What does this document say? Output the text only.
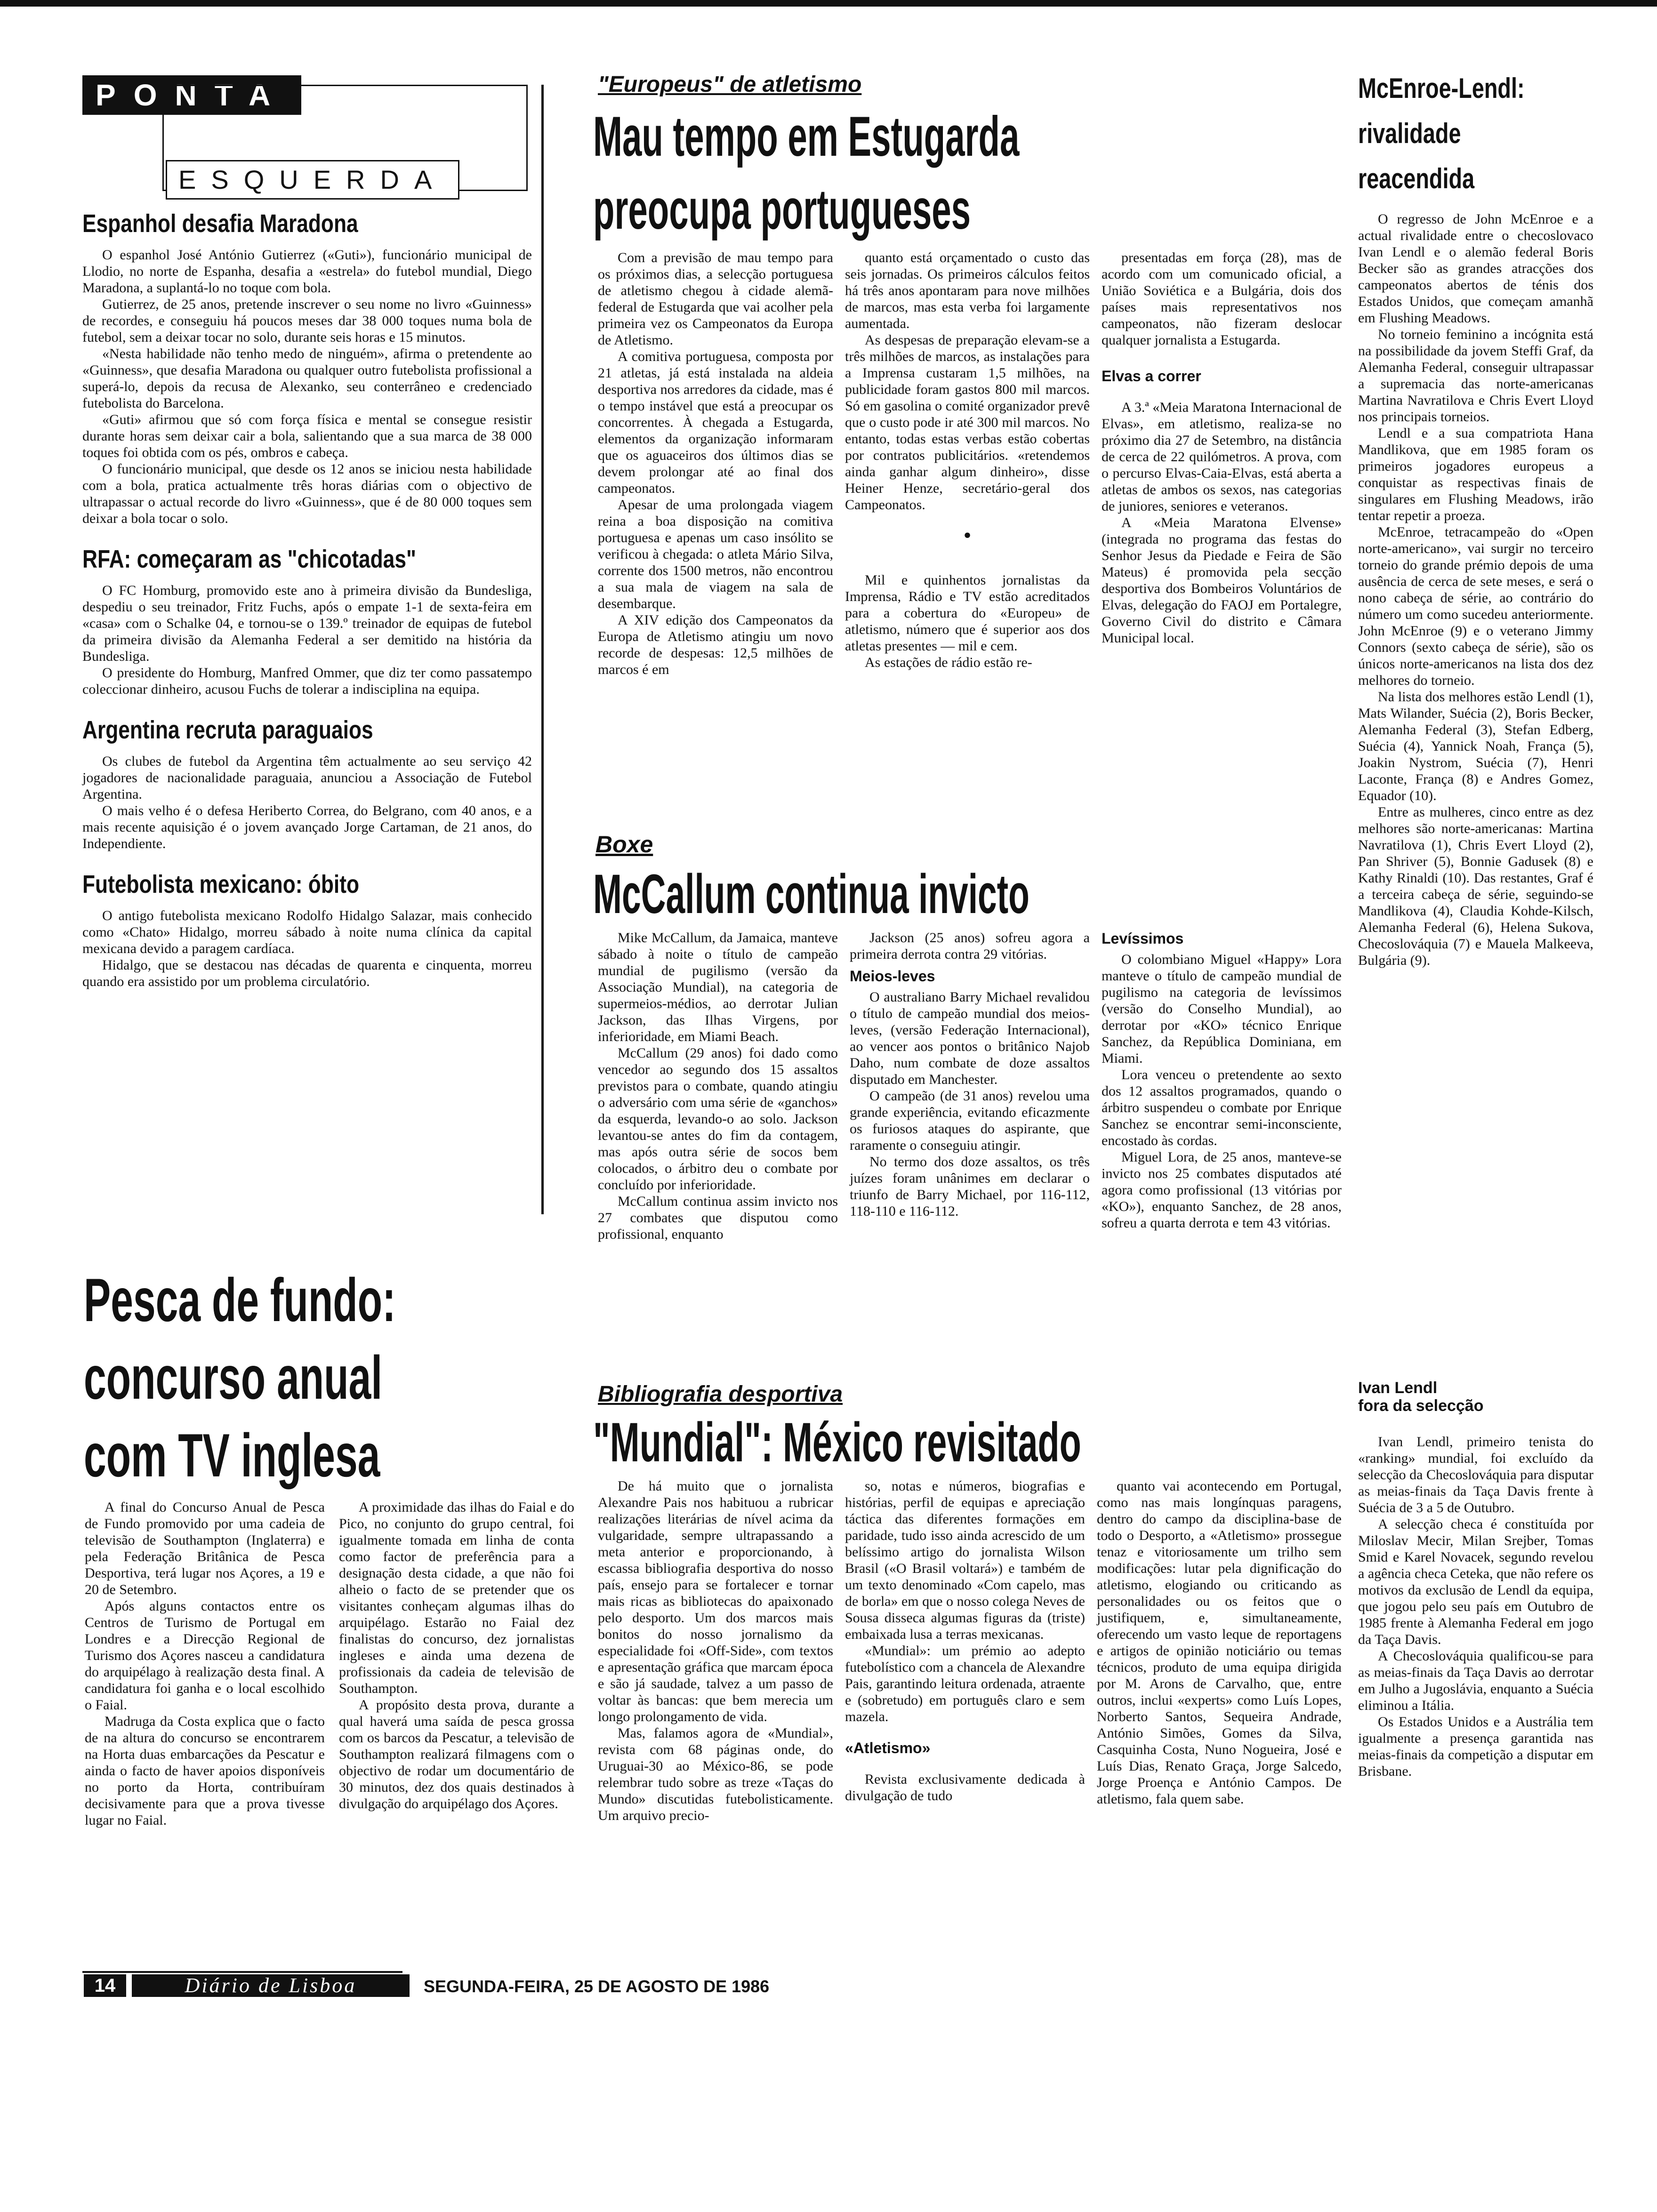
PONTA
ESQUERDA
Espanhol desafia Maradona

O espanhol José António Gutierrez («Guti»), funcionário municipal de Llodio, no norte de Espanha, desafia a «estrela» do futebol mundial, Diego Maradona, a suplantá-lo no toque com bola.

Gutierrez, de 25 anos, pretende inscrever o seu nome no livro «Guinness» de recordes, e conseguiu há poucos meses dar 38 000 toques numa bola de futebol, sem a deixar tocar no solo, durante seis horas e 15 minutos.

«Nesta habilidade não tenho medo de ninguém», afirma o pretendente ao «Guinness», que desafia Maradona ou qualquer outro futebolista profissional a superá-lo, depois da recusa de Alexanko, seu conterrâneo e credenciado futebolista do Barcelona.

«Guti» afirmou que só com força física e mental se consegue resistir durante horas sem deixar cair a bola, salientando que a sua marca de 38 000 toques foi obtida com os pés, ombros e cabeça.

O funcionário municipal, que desde os 12 anos se iniciou nesta habilidade com a bola, pratica actualmente três horas diárias com o objectivo de ultrapassar o actual recorde do livro «Guinness», que é de 80 000 toques sem deixar a bola tocar o solo.

RFA: começaram as "chicotadas"

O FC Homburg, promovido este ano à primeira divisão da Bundesliga, despediu o seu treinador, Fritz Fuchs, após o empate 1-1 de sexta-feira em «casa» com o Schalke 04, e tornou-se o 139.º treinador de equipas de futebol da primeira divisão da Alemanha Federal a ser demitido na história da Bundesliga.

O presidente do Homburg, Manfred Ommer, que diz ter como passatempo coleccionar dinheiro, acusou Fuchs de tolerar a indisciplina na equipa.

Argentina recruta paraguaios

Os clubes de futebol da Argentina têm actualmente ao seu serviço 42 jogadores de nacionalidade paraguaia, anunciou a Associação de Futebol Argentina.

O mais velho é o defesa Heriberto Correa, do Belgrano, com 40 anos, e a mais recente aquisição é o jovem avançado Jorge Cartaman, de 21 anos, do Independiente.

Futebolista mexicano: óbito

O antigo futebolista mexicano Rodolfo Hidalgo Salazar, mais conhecido como «Chato» Hidalgo, morreu sábado à noite numa clínica da capital mexicana devido a paragem cardíaca.

Hidalgo, que se destacou nas décadas de quarenta e cinquenta, morreu quando era assistido por um problema circulatório.

"Europeus" de atletismo
Mau tempo em Estugarda
preocupa portugueses

Com a previsão de mau tempo para os próximos dias, a selecção portuguesa de atletismo chegou à cidade alemã-federal de Estugarda que vai acolher pela primeira vez os Campeonatos da Europa de Atletismo.

A comitiva portuguesa, composta por 21 atletas, já está instalada na aldeia desportiva nos arredores da cidade, mas é o tempo instável que está a preocupar os concorrentes. À chegada a Estugarda, elementos da organização informaram que os aguaceiros dos últimos dias se devem prolongar até ao final dos campeonatos.

Apesar de uma prolongada viagem reina a boa disposição na comitiva portuguesa e apenas um caso insólito se verificou à chegada: o atleta Mário Silva, corrente dos 1500 metros, não encontrou a sua mala de viagem na sala de desembarque.

A XIV edição dos Campeonatos da Europa de Atletismo atingiu um novo recorde de despesas: 12,5 milhões de marcos é em

quanto está orçamentado o custo das seis jornadas. Os primeiros cálculos feitos há três anos apontaram para nove milhões de marcos, mas esta verba foi largamente aumentada.

As despesas de preparação elevam-se a três milhões de marcos, as instalações para a Imprensa custaram 1,5 milhões, na publicidade foram gastos 800 mil marcos. Só em gasolina o comité organizador prevê que o custo pode ir até 300 mil marcos. No entanto, todas estas verbas estão cobertas por contratos publicitários. «retendemos ainda ganhar algum dinheiro», disse Heiner Henze, secretário-geral dos Campeonatos.

•

Mil e quinhentos jornalistas da Imprensa, Rádio e TV estão acreditados para a cobertura do «Europeu» de atletismo, número que é superior aos dos atletas presentes — mil e cem.

As estações de rádio estão re-

presentadas em força (28), mas de acordo com um comunicado oficial, a União Soviética e a Bulgária, dois dos países mais representativos nos campeonatos, não fizeram deslocar qualquer jornalista a Estugarda.

Elvas a correr

A 3.ª «Meia Maratona Internacional de Elvas», em atletismo, realiza-se no próximo dia 27 de Setembro, na distância de cerca de 22 quilómetros. A prova, com o percurso Elvas-Caia-Elvas, está aberta a atletas de ambos os sexos, nas categorias de juniores, seniores e veteranos.

A «Meia Maratona Elvense» (integrada no programa das festas do Senhor Jesus da Piedade e Feira de São Mateus) é promovida pela secção desportiva dos Bombeiros Voluntários de Elvas, delegação do FAOJ em Portalegre, Governo Civil do distrito e Câmara Municipal local.

Boxe
McCallum continua invicto

Mike McCallum, da Jamaica, manteve sábado à noite o título de campeão mundial de pugilismo (versão da Associação Mundial), na categoria de supermeios-médios, ao derrotar Julian Jackson, das Ilhas Virgens, por inferioridade, em Miami Beach.

McCallum (29 anos) foi dado como vencedor ao segundo dos 15 assaltos previstos para o combate, quando atingiu o adversário com uma série de «ganchos» da esquerda, levando-o ao solo. Jackson levantou-se antes do fim da contagem, mas após outra série de socos bem colocados, o árbitro deu o combate por concluído por inferioridade.

McCallum continua assim invicto nos 27 combates que disputou como profissional, enquanto

Jackson (25 anos) sofreu agora a primeira derrota contra 29 vitórias.

Meios-leves

O australiano Barry Michael revalidou o título de campeão mundial dos meios-leves, (versão Federação Internacional), ao vencer aos pontos o britânico Najob Daho, num combate de doze assaltos disputado em Manchester.

O campeão (de 31 anos) revelou uma grande experiência, evitando eficazmente os furiosos ataques do aspirante, que raramente o conseguiu atingir.

No termo dos doze assaltos, os três juízes foram unânimes em declarar o triunfo de Barry Michael, por 116-112, 118-110 e 116-112.

Levíssimos

O colombiano Miguel «Happy» Lora manteve o título de campeão mundial de pugilismo na categoria de levíssimos (versão do Conselho Mundial), ao derrotar por «KO» técnico Enrique Sanchez, da República Dominiana, em Miami.

Lora venceu o pretendente ao sexto dos 12 assaltos programados, quando o árbitro suspendeu o combate por Enrique Sanchez se encontrar semi-inconsciente, encostado às cordas.

Miguel Lora, de 25 anos, manteve-se invicto nos 25 combates disputados até agora como profissional (13 vitórias por «KO»), enquanto Sanchez, de 28 anos, sofreu a quarta derrota e tem 43 vitórias.

McEnroe-Lendl:
rivalidade
reacendida

O regresso de John McEnroe e a actual rivalidade entre o checoslovaco Ivan Lendl e o alemão federal Boris Becker são as grandes atracções dos campeonatos abertos de ténis dos Estados Unidos, que começam amanhã em Flushing Meadows.

No torneio feminino a incógnita está na possibilidade da jovem Steffi Graf, da Alemanha Federal, conseguir ultrapassar a supremacia das norte-americanas Martina Navratilova e Chris Evert Lloyd nos principais torneios.

Lendl e a sua compatriota Hana Mandlikova, que em 1985 foram os primeiros jogadores europeus a conquistar as respectivas finais de singulares em Flushing Meadows, irão tentar repetir a proeza.

McEnroe, tetracampeão do «Open norte-americano», vai surgir no terceiro torneio do grande prémio depois de uma ausência de cerca de sete meses, e será o nono cabeça de série, ao contrário do número um como sucedeu anteriormente. John McEnroe (9) e o veterano Jimmy Connors (sexto cabeça de série), são os únicos norte-americanos na lista dos dez melhores do torneio.

Na lista dos melhores estão Lendl (1), Mats Wilander, Suécia (2), Boris Becker, Alemanha Federal (3), Stefan Edberg, Suécia (4), Yannick Noah, França (5), Joakin Nystrom, Suécia (7), Henri Laconte, França (8) e Andres Gomez, Equador (10).

Entre as mulheres, cinco entre as dez melhores são norte-americanas: Martina Navratilova (1), Chris Evert Lloyd (2), Pan Shriver (5), Bonnie Gadusek (8) e Kathy Rinaldi (10). Das restantes, Graf é a terceira cabeça de série, seguindo-se Mandlikova (4), Claudia Kohde-Kilsch, Alemanha Federal (6), Helena Sukova, Checoslováquia (7) e Mauela Malkeeva, Bulgária (9).

Ivan Lendl
fora da selecção

Ivan Lendl, primeiro tenista do «ranking» mundial, foi excluído da selecção da Checoslováquia para disputar as meias-finais da Taça Davis frente à Suécia de 3 a 5 de Outubro.

A selecção checa é constituída por Miloslav Mecir, Milan Srejber, Tomas Smid e Karel Novacek, segundo revelou a agência checa Ceteka, que não refere os motivos da exclusão de Lendl da equipa, que jogou pelo seu país em Outubro de 1985 frente à Alemanha Federal em jogo da Taça Davis.

A Checoslováquia qualificou-se para as meias-finais da Taça Davis ao derrotar em Julho a Jugoslávia, enquanto a Suécia eliminou a Itália.

Os Estados Unidos e a Austrália tem igualmente a presença garantida nas meias-finais da competição a disputar em Brisbane.

Pesca de fundo:
concurso anual
com TV inglesa

A final do Concurso Anual de Pesca de Fundo promovido por uma cadeia de televisão de Southampton (Inglaterra) e pela Federação Britânica de Pesca Desportiva, terá lugar nos Açores, a 19 e 20 de Setembro.

Após alguns contactos entre os Centros de Turismo de Portugal em Londres e a Direcção Regional de Turismo dos Açores nasceu a candidatura do arquipélago à realização desta final. A candidatura foi ganha e o local escolhido o Faial.

Madruga da Costa explica que o facto de na altura do concurso se encontrarem na Horta duas embarcações da Pescatur e ainda o facto de haver apoios disponíveis no porto da Horta, contribuíram decisivamente para que a prova tivesse lugar no Faial.

A proximidade das ilhas do Faial e do Pico, no conjunto do grupo central, foi igualmente tomada em linha de conta como factor de preferência para a designação desta cidade, a que não foi alheio o facto de se pretender que os visitantes conheçam algumas ilhas do arquipélago. Estarão no Faial dez finalistas do concurso, dez jornalistas ingleses e ainda uma dezena de profissionais da cadeia de televisão de Southampton.

A propósito desta prova, durante a qual haverá uma saída de pesca grossa com os barcos da Pescatur, a televisão de Southampton realizará filmagens com o objectivo de rodar um documentário de 30 minutos, dez dos quais destinados à divulgação do arquipélago dos Açores.

Bibliografia desportiva
"Mundial": México revisitado

De há muito que o jornalista Alexandre Pais nos habituou a rubricar realizações literárias de nível acima da vulgaridade, sempre ultrapassando a meta anterior e proporcionando, à escassa bibliografia desportiva do nosso país, ensejo para se fortalecer e tornar mais ricas as bibliotecas do apaixonado pelo desporto. Um dos marcos mais bonitos do nosso jornalismo da especialidade foi «Off-Side», com textos e apresentação gráfica que marcam época e são já saudade, talvez a um passo de voltar às bancas: que bem merecia um longo prolongamento de vida.

Mas, falamos agora de «Mundial», revista com 68 páginas onde, do Uruguai-30 ao México-86, se pode relembrar tudo sobre as treze «Taças do Mundo» discutidas futebolisticamente. Um arquivo precio-

so, notas e números, biografias e histórias, perfil de equipas e apreciação táctica das diferentes formações em paridade, tudo isso ainda acrescido de um belíssimo artigo do jornalista Wilson Brasil («O Brasil voltará») e também de um texto denominado «Com capelo, mas de borla» em que o nosso colega Neves de Sousa disseca algumas figuras da (triste) embaixada lusa a terras mexicanas.

«Mundial»: um prémio ao adepto futebolístico com a chancela de Alexandre Pais, garantindo leitura ordenada, atraente e (sobretudo) em português claro e sem mazela.

«Atletismo»

Revista exclusivamente dedicada à divulgação de tudo

quanto vai acontecendo em Portugal, como nas mais longínquas paragens, dentro do campo da disciplina-base de todo o Desporto, a «Atletismo» prossegue tenaz e vitoriosamente um trilho sem modificações: lutar pela dignificação do atletismo, elogiando ou criticando as personalidades ou os feitos que o justifiquem, e, simultaneamente, oferecendo um vasto leque de reportagens e artigos de opinião noticiário ou temas técnicos, produto de uma equipa dirigida por M. Arons de Carvalho, que, entre outros, inclui «experts» como Luís Lopes, Norberto Santos, Sequeira Andrade, António Simões, Gomes da Silva, Casquinha Costa, Nuno Nogueira, José e Luís Dias, Renato Graça, Jorge Salcedo, Jorge Proença e António Campos. De atletismo, fala quem sabe.

14	Diário de Lisboa	SEGUNDA-FEIRA, 25 DE AGOSTO DE 1986
